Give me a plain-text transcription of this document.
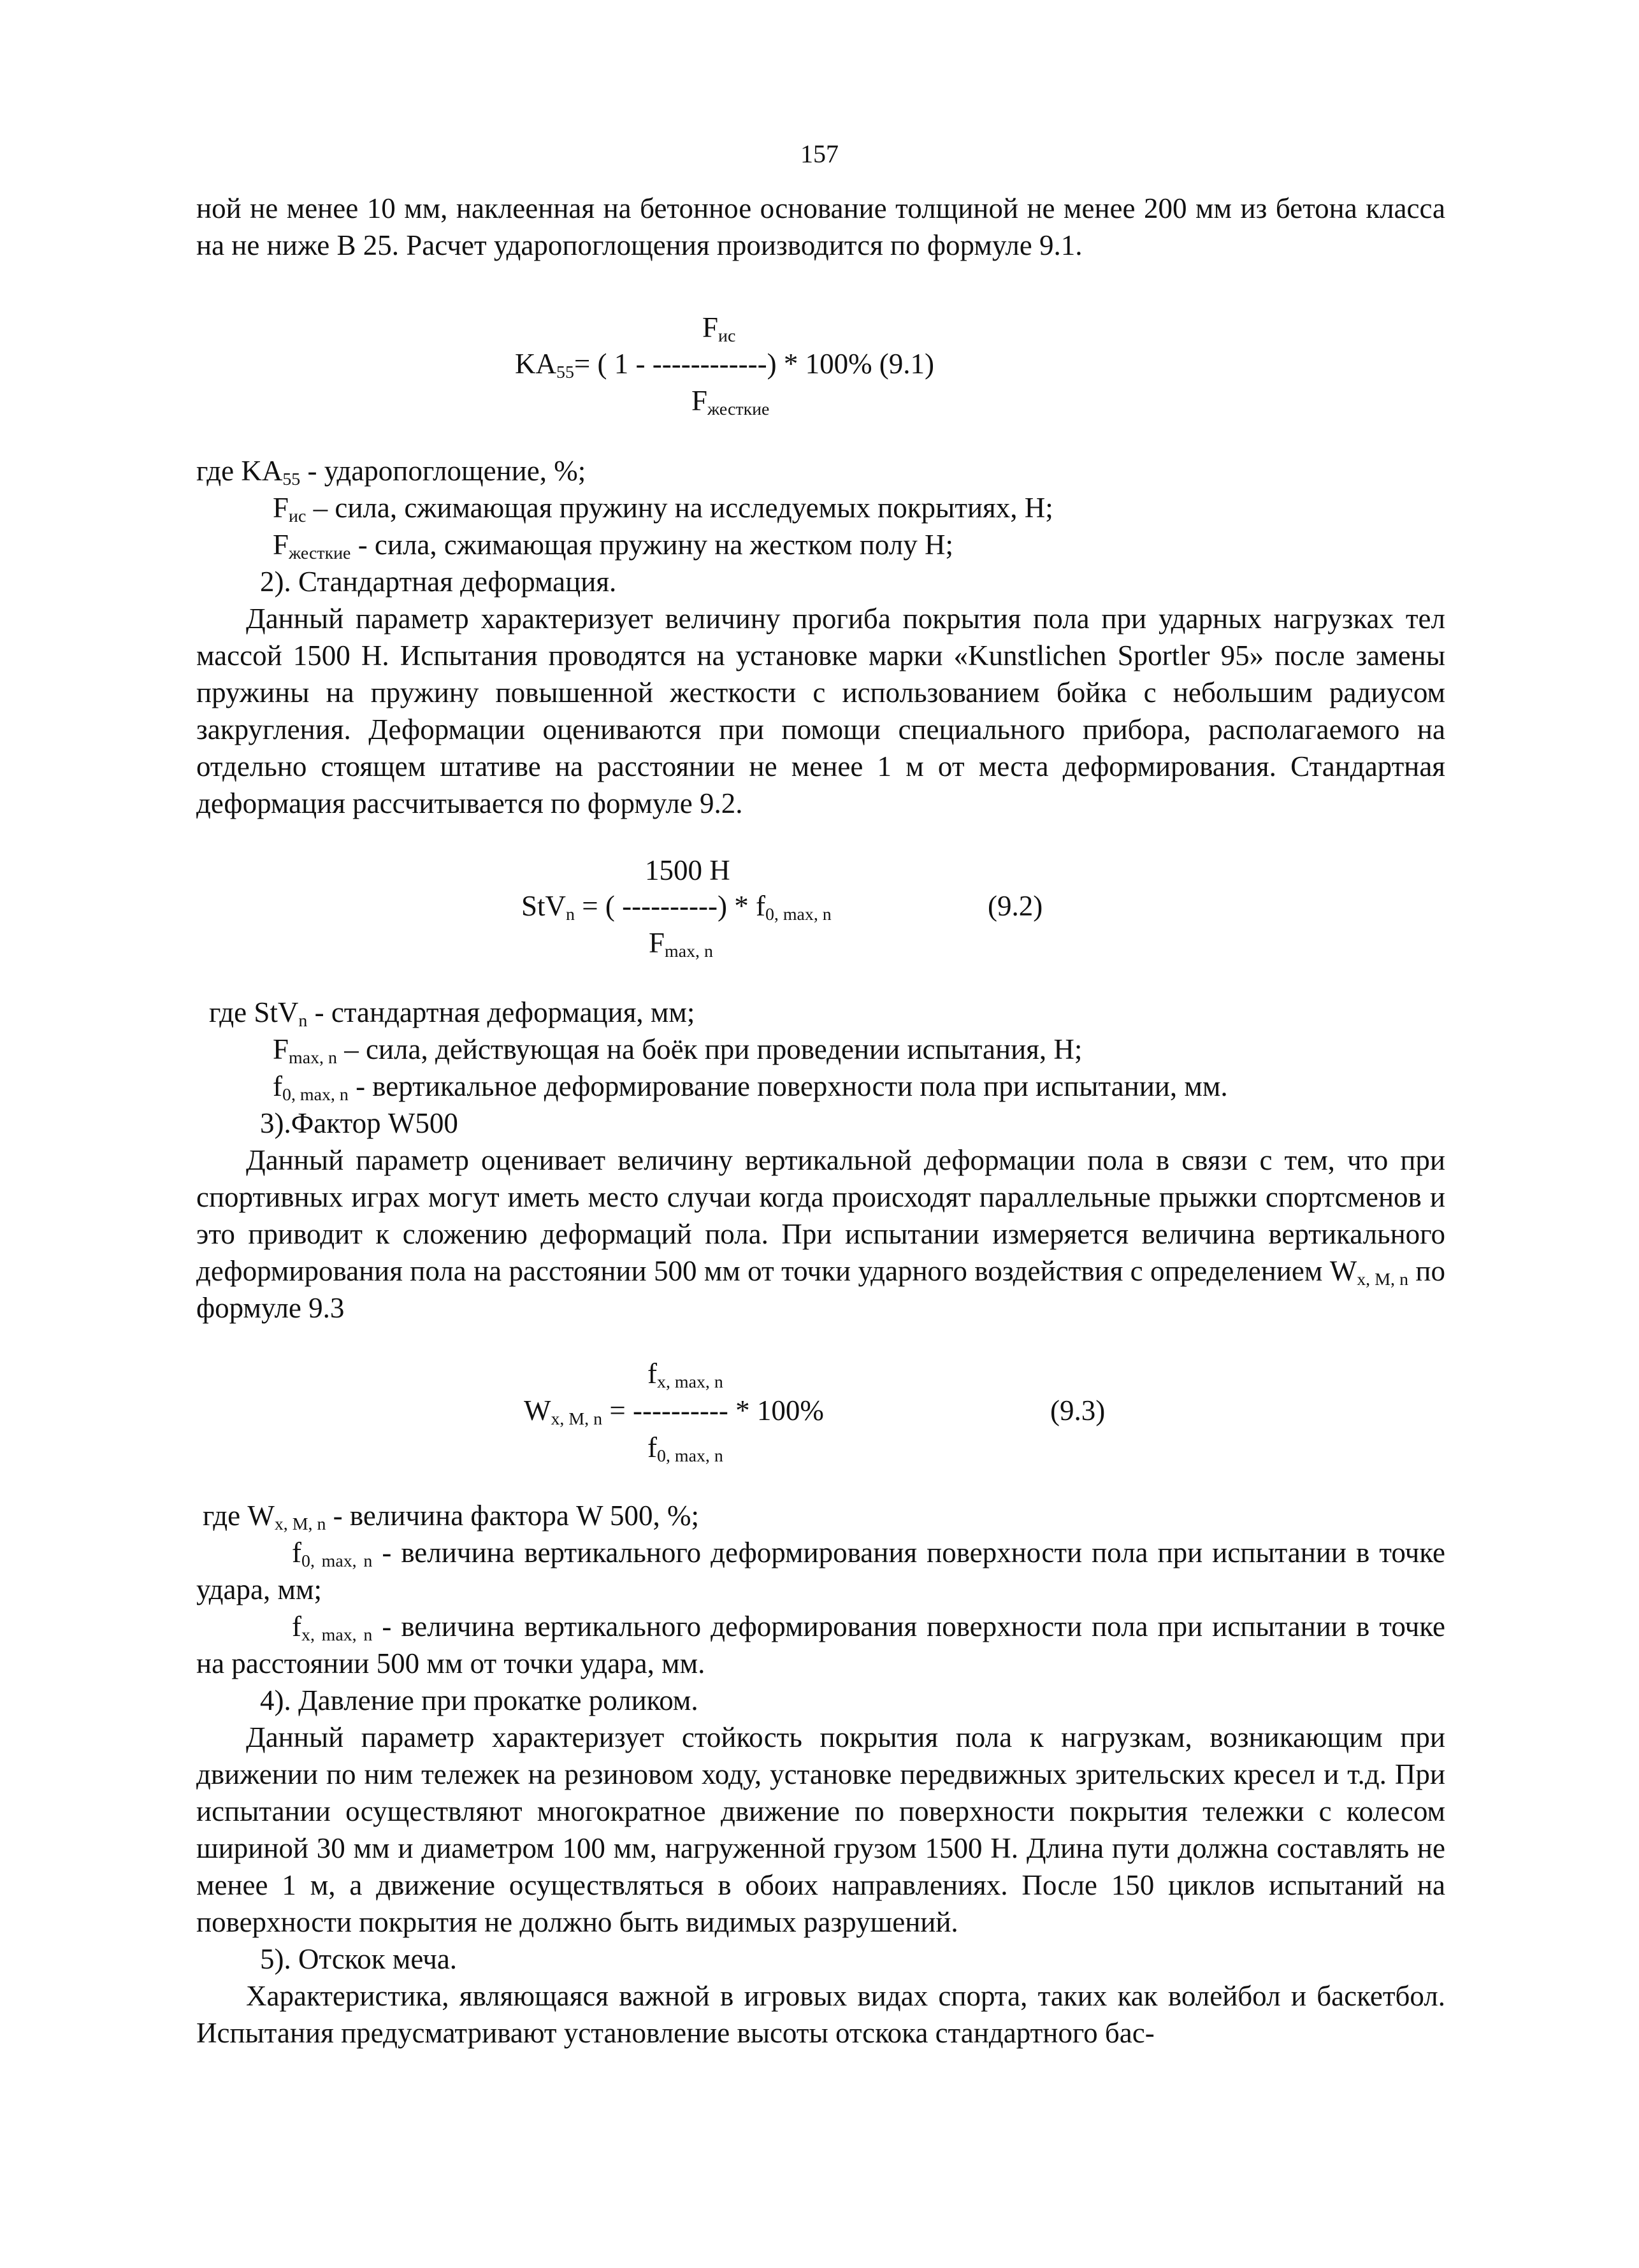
157

ной не менее 10 мм, наклеенная на бетонное основание толщиной не менее 200 мм из бетона класса на не ниже В 25. Расчет удaропоглощения производится по формуле 9.1.

$F_{ис}$
$KA_{55}=$ ( 1 - ------------) * 100% (9.1)
$F_{жесткие}$
где $KA_{55}$ - ударопоглощение, %;
$F_{ис}$ – сила, сжимающая пружину на исследуемых покрытиях, Н;
$F_{жесткие}$ - сила, сжимающая пружину на жестком полу Н;
2). Стандартная деформация.

Данный параметр характеризует величину прогиба покрытия пола при ударных нагрузках тел массой 1500 Н. Испытания проводятся на установке марки «Kunstlichen Sportler 95» после замены пружины на пружину повышенной жесткости с использованием бойка с небольшим радиусом закругления. Деформации оцениваются при помощи специального прибора, располагаемого на отдельно стоящем штативе на расстоянии не менее 1 м от места деформирования. Стандартная деформация рассчитывается по формуле 9.2.

1500 H
StV$_n$ = ( ----------) * $f_{0, max, n}$	(9.2)
$F_{max, n}$
где StV$_n$ - стандартная деформация, мм;
$F_{max, n}$ – сила, действующая на боёк при проведении испытания, Н;
$f_{0, max, n}$ - вертикальное деформирование поверхности пола при испытании, мм.
3).Фактор W500

Данный параметр оценивает величину вертикальной деформации пола в связи с тем, что при спортивных играх могут иметь место случаи когда происходят параллельные прыжки спортсменов и это приводит к сложению деформаций пола. При испытании измеряется величина вертикального деформирования пола на расстоянии 500 мм от точки ударного воздействия с определением $W_{x, M, n}$ по формуле 9.3

$f_{x, max, n}$
$W_{x, M, n}$ = ---------- * 100%	(9.3)
$f_{0, max, n}$
где $W_{x, M, n}$ - величина фактора W 500, %;

$f_{0, max, n}$ - величина вертикального деформирования поверхности пола при испытании в точке удара, мм;

$f_{x, max, n}$ - величина вертикального деформирования поверхности пола при испытании в точке на расстоянии 500 мм от точки удара, мм.

4). Давление при прокатке роликом.

Данный параметр характеризует стойкость покрытия пола к нагрузкам, возникающим при движении по ним тележек на резиновом ходу, установке передвижных зрительских кресел и т.д. При испытании осуществляют многократное движение по поверхности покрытия тележки с колесом шириной 30 мм и диаметром 100 мм, нагруженной грузом 1500 Н. Длина пути должна составлять не менее 1 м, а движение осуществляться в обоих направлениях. После 150 циклов испытаний на поверхности покрытия не должно быть видимых разрушений.

5). Отскок меча.

Характеристика, являющаяся важной в игровых видах спорта, таких как волейбол и баскетбол. Испытания предусматривают установление высоты отскока стандартного бас-
